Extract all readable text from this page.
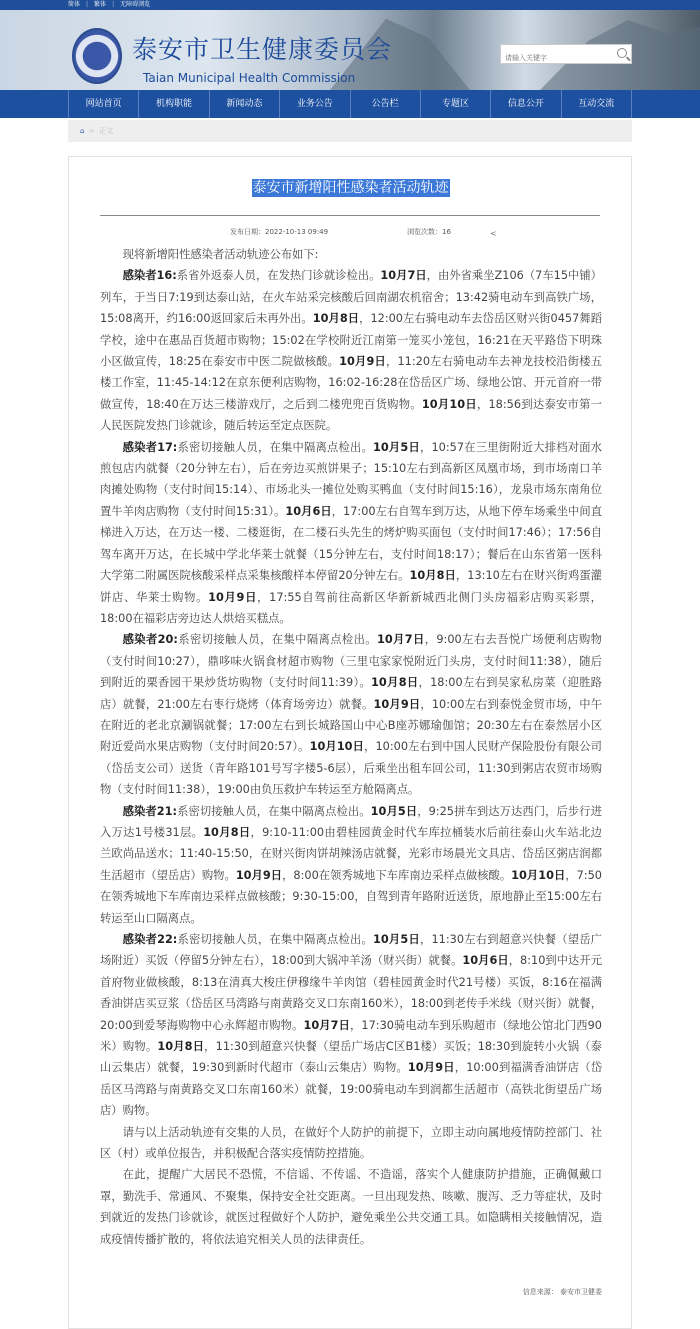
简体 | 繁体 | 无障碍浏览
泰安市卫生健康委员会
Taian Municipal Health Commission
请输入关键字
网站首页	机构职能	新闻动态	业务公告	公告栏	专题区	信息公开	互动交流
⌂ > 正文
泰安市新增阳性感染者活动轨迹
发布日期：2022-10-13 09:49	浏览次数：16	<

现将新增阳性感染者活动轨迹公布如下:

感染者16:系省外返泰人员，在发热门诊就诊检出。10月7日，由外省乘坐Z106（7车15中铺）列车，于当日7:19到达泰山站，在火车站采完核酸后回南湖农机宿舍；13:42骑电动车到高铁广场，15:08离开，约16:00返回家后未再外出。10月8日，12:00左右骑电动车去岱岳区财兴街0457舞蹈学校，途中在惠品百货超市购物；15:02在学校附近江南第一笼买小笼包，16:21在天平路岱下明珠小区做宣传，18:25在泰安市中医二院做核酸。10月9日，11:20左右骑电动车去神龙技校沿街楼五楼工作室，11:45-14:12在京东便利店购物，16:02-16:28在岱岳区广场、绿地公馆、开元首府一带做宣传，18:40在万达三楼游戏厅，之后到二楼兜兜百货购物。10月10日，18:56到达泰安市第一人民医院发热门诊就诊，随后转运至定点医院。

感染者17:系密切接触人员，在集中隔离点检出。10月5日，10:57在三里街附近大排档对面水煎包店内就餐（20分钟左右），后在旁边买煎饼果子；15:10左右到高新区凤凰市场，到市场南口羊肉摊处购物（支付时间15:14）、市场北头一摊位处购买鸭血（支付时间15:16），龙泉市场东南角位置牛羊肉店购物（支付时间15:31）。10月6日，17:00左右自驾车到万达，从地下停车场乘坐中间直梯进入万达，在万达一楼、二楼逛街，在二楼石头先生的烤炉购买面包（支付时间17:46）；17:56自驾车离开万达，在长城中学北华莱士就餐（15分钟左右，支付时间18:17）；餐后在山东省第一医科大学第二附属医院核酸采样点采集核酸样本停留20分钟左右。10月8日，13:10左右在财兴街鸡蛋灌饼店、华莱士购物。10月9日，17:55自驾前往高新区华新新城西北侧门头房福彩店购买彩票，18:00在福彩店旁边达人烘焙买糕点。

感染者20:系密切接触人员，在集中隔离点检出。10月7日，9:00左右去吾悦广场便利店购物（支付时间10:27），鼎哆味火锅食材超市购物（三里屯家家悦附近门头房，支付时间11:38），随后到附近的栗香园干果炒货坊购物（支付时间11:39）。10月8日，18:00左右到吴家私房菜（迎胜路店）就餐，21:00左右枣行烧烤（体育场旁边）就餐。10月9日，10:00左右到泰悦金贸市场，中午在附近的老北京涮锅就餐；17:00左右到长城路国山中心B座苏娜瑜伽馆；20:30左右在泰然居小区附近爱尚水果店购物（支付时间20:57）。10月10日，10:00左右到中国人民财产保险股份有限公司（岱岳支公司）送货（青年路101号写字楼5-6层），后乘坐出租车回公司，11:30到粥店农贸市场购物（支付时间11:38），19:00由负压救护车转运至方舱隔离点。

感染者21:系密切接触人员，在集中隔离点检出。10月5日，9:25拼车到达万达西门，后步行进入万达1号楼31层。10月8日，9:10-11:00由碧桂园黄金时代车库拉桶装水后前往泰山火车站北边兰欧尚品送水；11:40-15:50，在财兴街肉饼胡辣汤店就餐，光彩市场晨光文具店、岱岳区粥店润都生活超市（望岳店）购物。10月9日，8:00在领秀城地下车库南边采样点做核酸。10月10日，7:50在领秀城地下车库南边采样点做核酸；9:30-15:00，自驾到青年路附近送货，原地静止至15:00左右转运至山口隔离点。

感染者22:系密切接触人员，在集中隔离点检出。10月5日，11:30左右到超意兴快餐（望岳广场附近）买饭（停留5分钟左右），18:00到大锅冲羊汤（财兴街）就餐。10月6日，8:10到中达开元首府物业做核酸，8:13在清真大梭庄伊穆缘牛羊肉馆（碧桂园黄金时代21号楼）买饭，8:16在福满香油饼店买豆浆（岱岳区马湾路与南黄路交叉口东南160米），18:00到老传手米线（财兴街）就餐，20:00到爱琴海购物中心永辉超市购物。10月7日，17:30骑电动车到乐购超市（绿地公馆北门西90米）购物。10月8日，11:30到超意兴快餐（望岳广场店C区B1楼）买饭；18:30到旋转小火锅（泰山云集店）就餐，19:30到新时代超市（泰山云集店）购物。10月9日，10:00到福满香油饼店（岱岳区马湾路与南黄路交叉口东南160米）就餐，19:00骑电动车到润都生活超市（高铁北街望岳广场店）购物。

请与以上活动轨迹有交集的人员，在做好个人防护的前提下，立即主动向属地疫情防控部门、社区（村）或单位报告，并积极配合落实疫情防控措施。

在此，提醒广大居民不恐慌，不信谣、不传谣、不造谣，落实个人健康防护措施，正确佩戴口罩，勤洗手、常通风、不聚集，保持安全社交距离。一旦出现发热、咳嗽、腹泻、乏力等症状，及时到就近的发热门诊就诊，就医过程做好个人防护，避免乘坐公共交通工具。如隐瞒相关接触情况，造成疫情传播扩散的，将依法追究相关人员的法律责任。

信息来源： 泰安市卫健委
